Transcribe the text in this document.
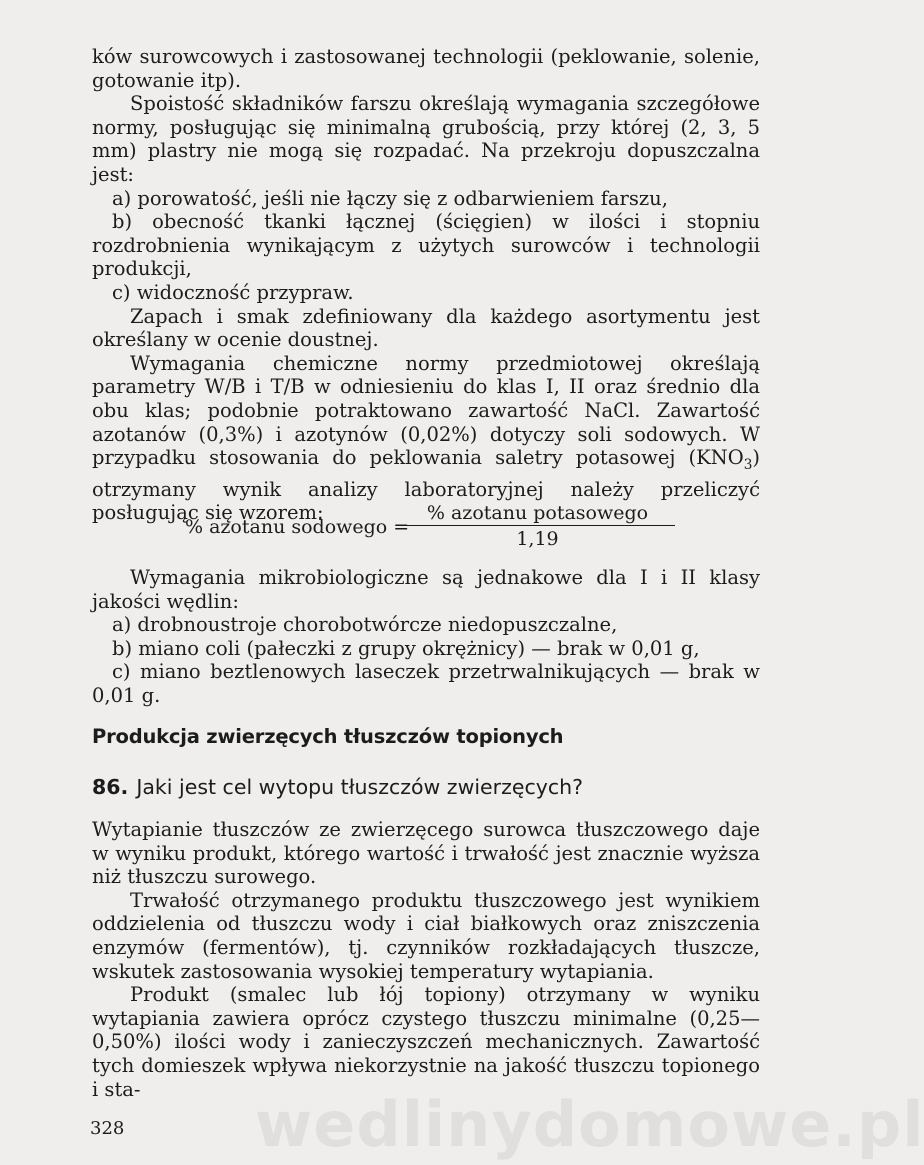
ków surowcowych i zastosowanej technologii (peklowanie, solenie, gotowanie itp).

Spoistość składników farszu określają wymagania szczegółowe normy, posługując się minimalną grubością, przy której (2, 3, 5 mm) plastry nie mogą się rozpadać. Na przekroju dopuszczalna jest:

a) porowatość, jeśli nie łączy się z odbarwieniem farszu,

b) obecność tkanki łącznej (ścięgien) w ilości i stopniu rozdrobnienia wynikającym z użytych surowców i technologii produkcji,

c) widoczność przypraw.

Zapach i smak zdefiniowany dla każdego asortymentu jest określany w ocenie doustnej.

Wymagania chemiczne normy przedmiotowej określają parametry W/B i T/B w odniesieniu do klas I, II oraz średnio dla obu klas; podobnie potraktowano zawartość NaCl. Zawartość azotanów (0,3%) i azotynów (0,02%) dotyczy soli sodowych. W przypadku stosowania do peklowania saletry potasowej $(KNO_3)$ otrzymany wynik analizy laboratoryjnej należy przeliczyć posługując się wzorem:

% azotanu sodowego =
% azotanu potasowego
1,19

Wymagania mikrobiologiczne są jednakowe dla I i II klasy jakości wędlin:

a) drobnoustroje chorobotwórcze niedopuszczalne,

b) miano coli (pałeczki z grupy okrężnicy) — brak w 0,01 g,

c) miano beztlenowych laseczek przetrwalnikujących — brak w 0,01 g.

Produkcja zwierzęcych tłuszczów topionych
86. Jaki jest cel wytopu tłuszczów zwierzęcych?

Wytapianie tłuszczów ze zwierzęcego surowca tłuszczowego daje w wyniku produkt, którego wartość i trwałość jest znacznie wyższa niż tłuszczu surowego.

Trwałość otrzymanego produktu tłuszczowego jest wynikiem oddzielenia od tłuszczu wody i ciał białkowych oraz zniszczenia enzymów (fermentów), tj. czynników rozkładających tłuszcze, wskutek zastosowania wysokiej temperatury wytapiania.

Produkt (smalec lub łój topiony) otrzymany w wyniku wytapiania zawiera oprócz czystego tłuszczu minimalne (0,25—0,50%) ilości wody i zanieczyszczeń mechanicznych. Zawartość tych domieszek wpływa niekorzystnie na jakość tłuszczu topionego i sta-	wedlinydomowe.pl
328
